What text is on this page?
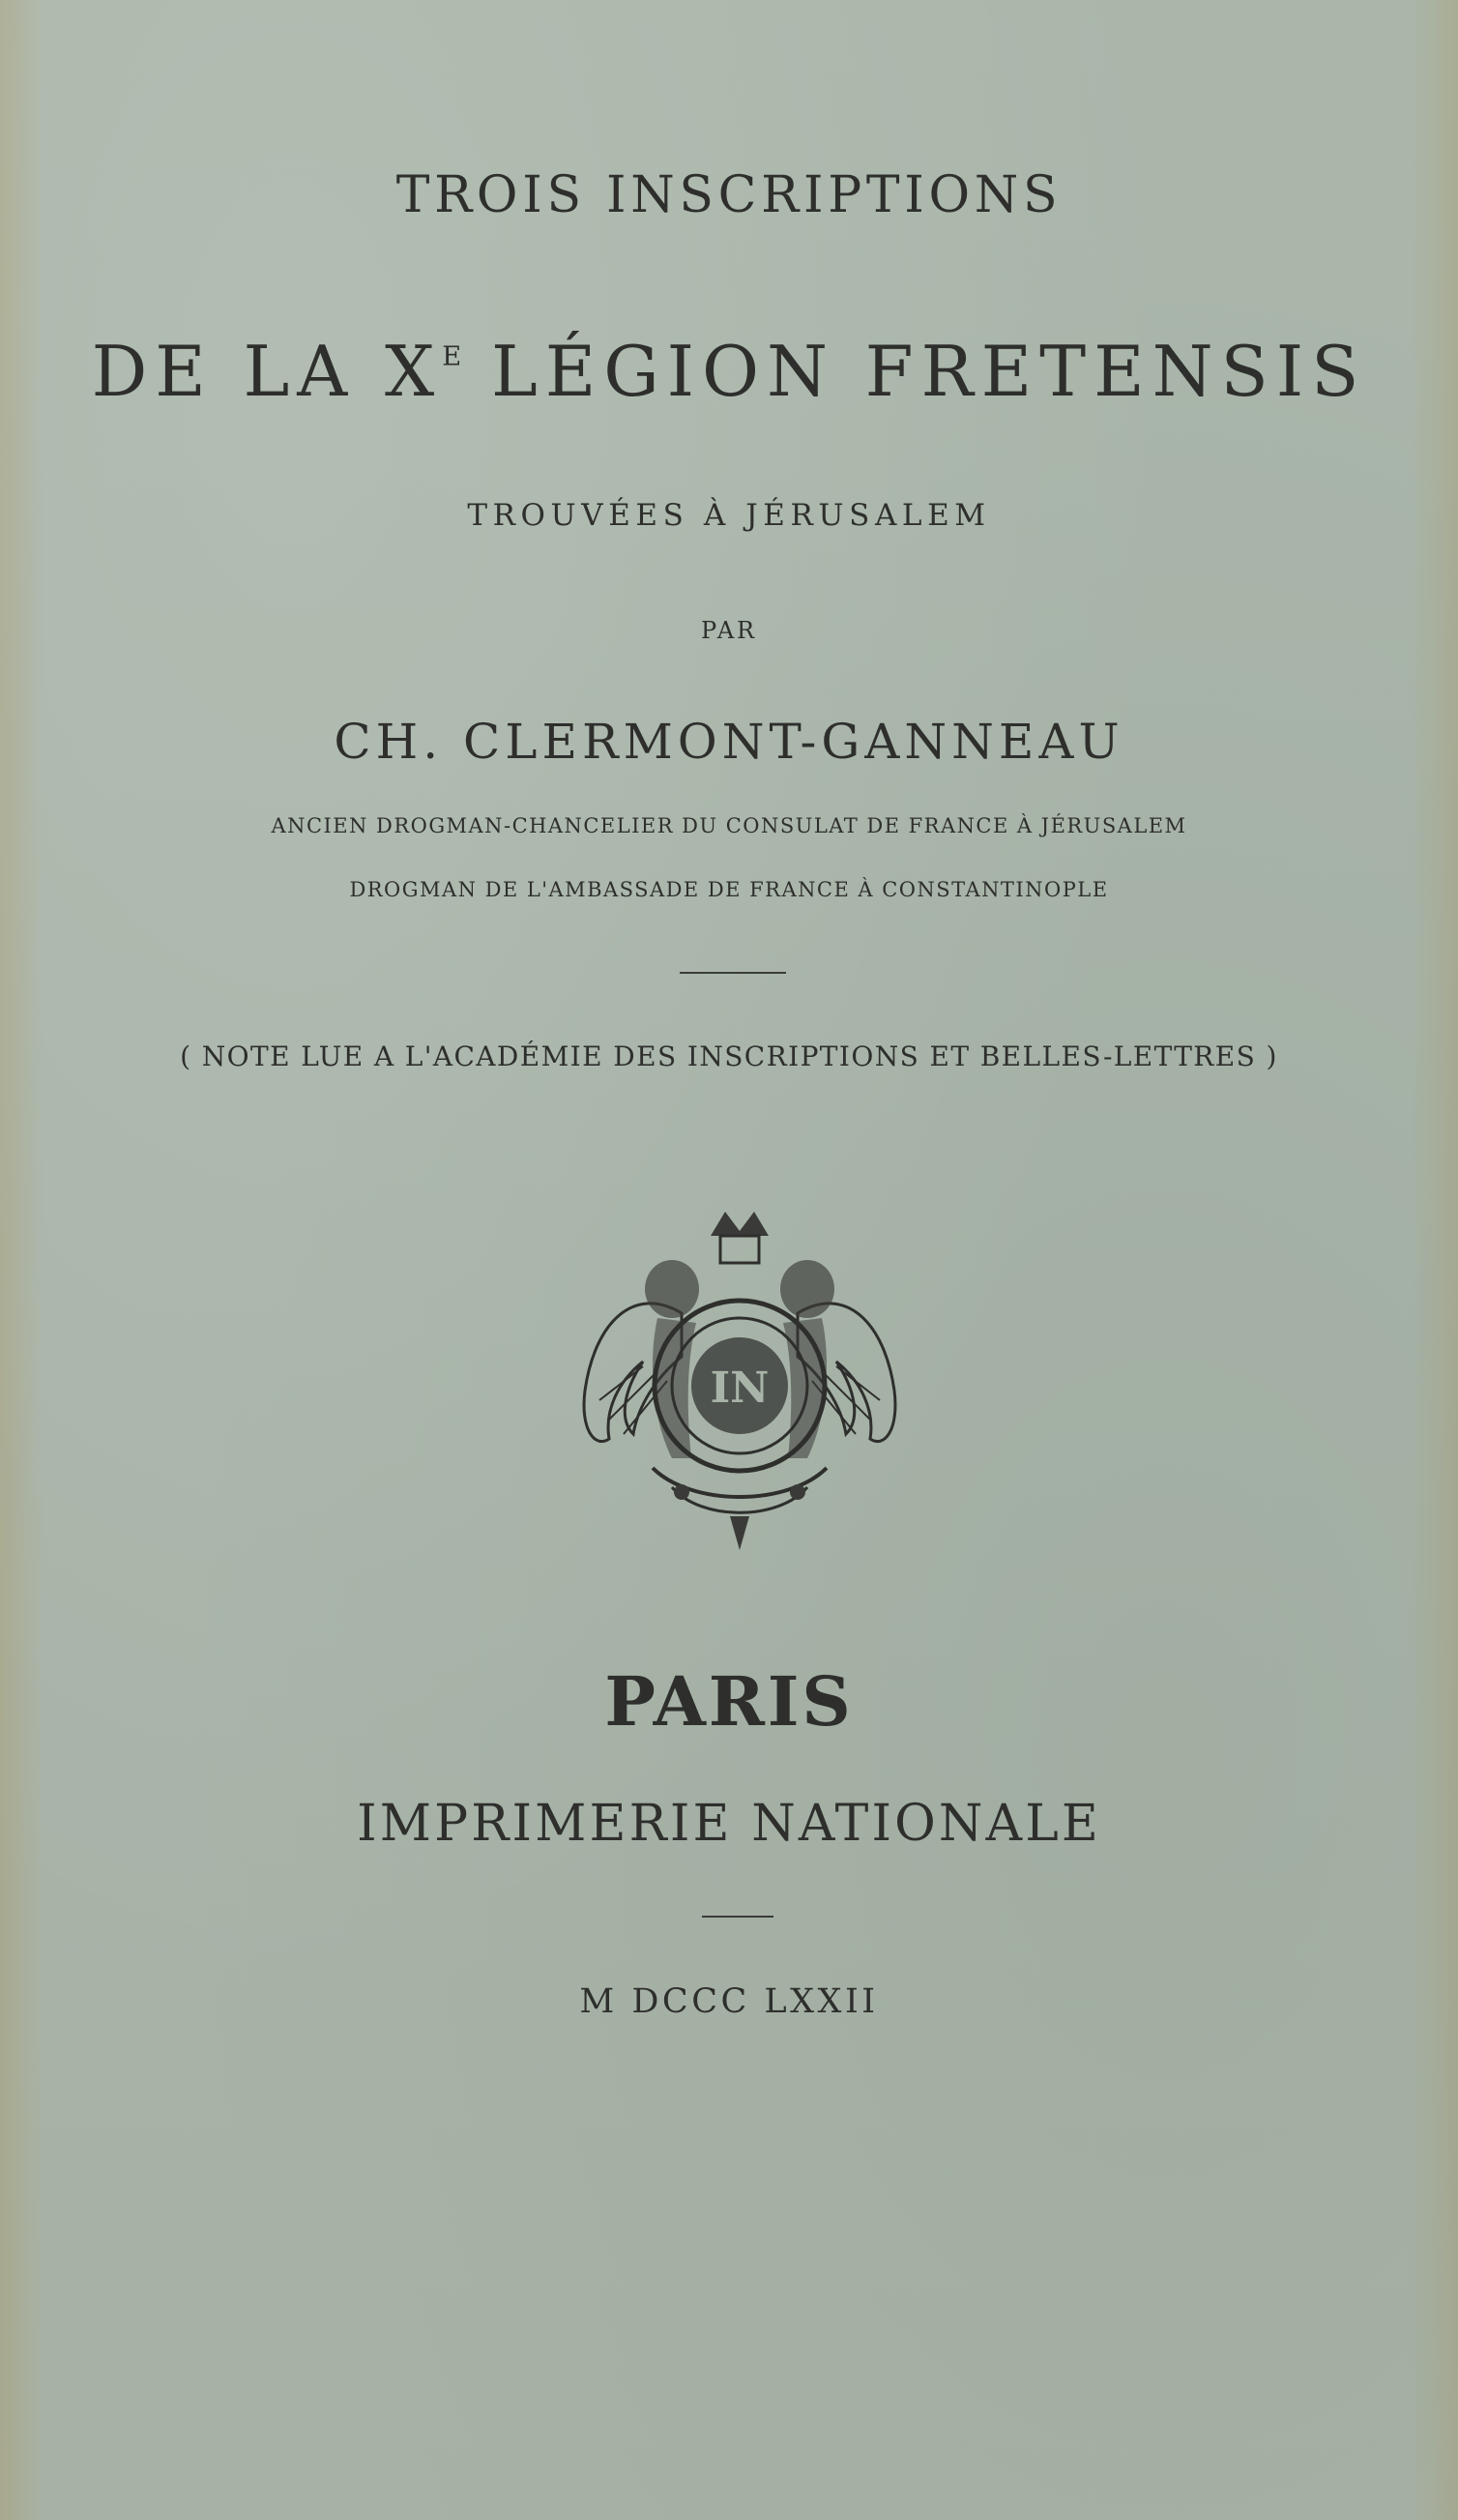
TROIS INSCRIPTIONS
DE LA $X^E$ LÉGION FRETENSIS
TROUVÉES À JÉRUSALEM
PAR
CH. CLERMONT-GANNEAU
ANCIEN DROGMAN-CHANCELIER DU CONSULAT DE FRANCE À JÉRUSALEM
DROGMAN DE L'AMBASSADE DE FRANCE À CONSTANTINOPLE
( NOTE LUE A L'ACADÉMIE DES INSCRIPTIONS ET BELLES-LETTRES )
IN
PARIS
IMPRIMERIE NATIONALE
M DCCC LXXII
